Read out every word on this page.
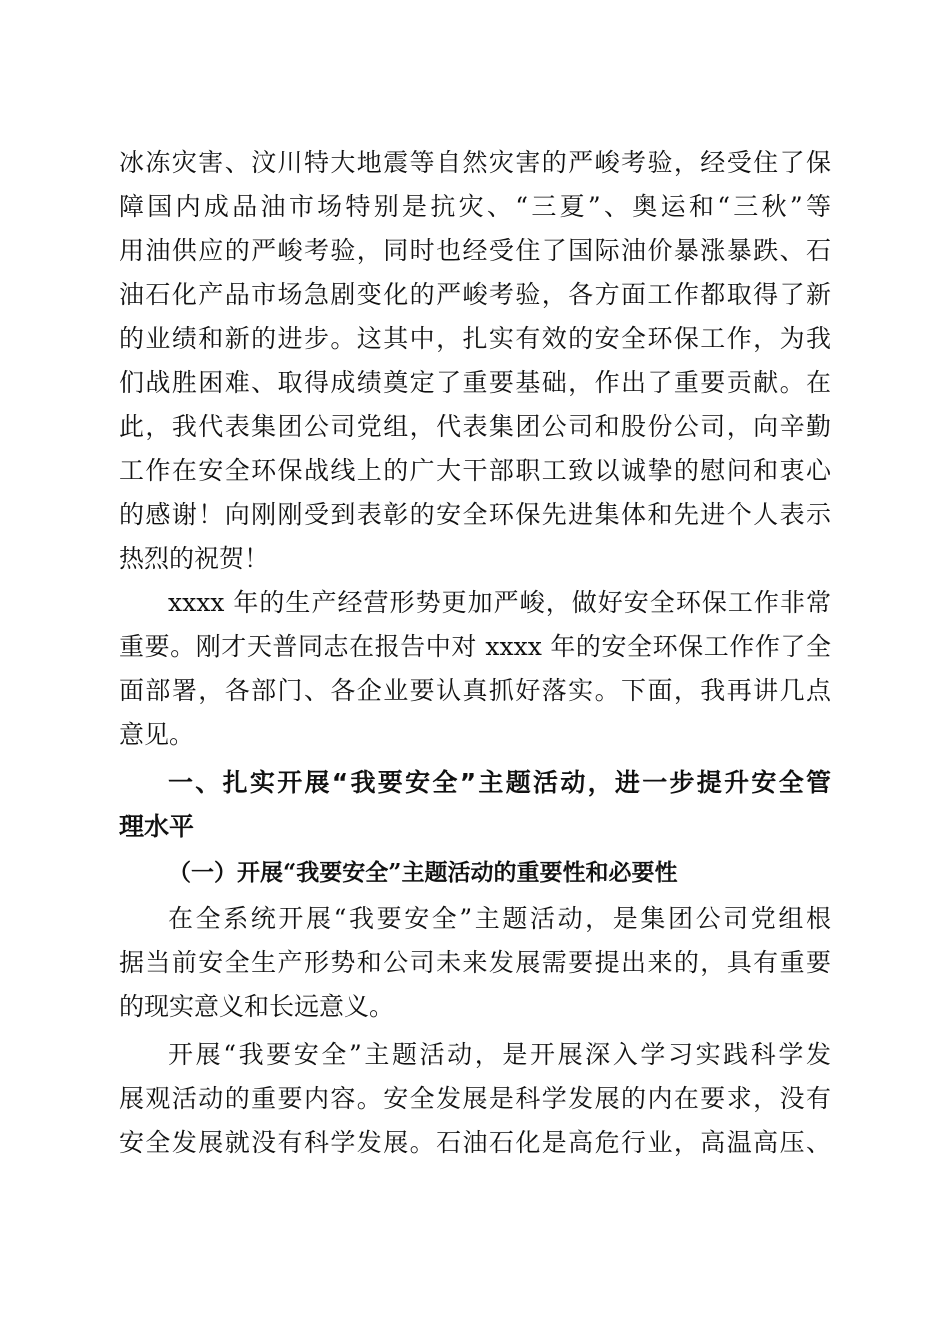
冰冻灾害、汶川特大地震等自然灾害的严峻考验，经受住了保
障国内成品油市场特别是抗灾、“三夏”、奥运和“三秋”等
用油供应的严峻考验，同时也经受住了国际油价暴涨暴跌、石
油石化产品市场急剧变化的严峻考验，各方面工作都取得了新
的业绩和新的进步。这其中，扎实有效的安全环保工作，为我
们战胜困难、取得成绩奠定了重要基础，作出了重要贡献。在
此，我代表集团公司党组，代表集团公司和股份公司，向辛勤
工作在安全环保战线上的广大干部职工致以诚挚的慰问和衷心
的感谢！向刚刚受到表彰的安全环保先进集体和先进个人表示
热烈的祝贺！
xxxx 年的生产经营形势更加严峻，做好安全环保工作非常
重要。刚才天普同志在报告中对 xxxx 年的安全环保工作作了全
面部署，各部门、各企业要认真抓好落实。下面，我再讲几点
意见。
一、扎实开展“我要安全”主题活动，进一步提升安全管
理水平
（一）开展“我要安全”主题活动的重要性和必要性
在全系统开展“我要安全”主题活动，是集团公司党组根
据当前安全生产形势和公司未来发展需要提出来的，具有重要
的现实意义和长远意义。
开展“我要安全”主题活动，是开展深入学习实践科学发
展观活动的重要内容。安全发展是科学发展的内在要求，没有
安全发展就没有科学发展。石油石化是高危行业，高温高压、
